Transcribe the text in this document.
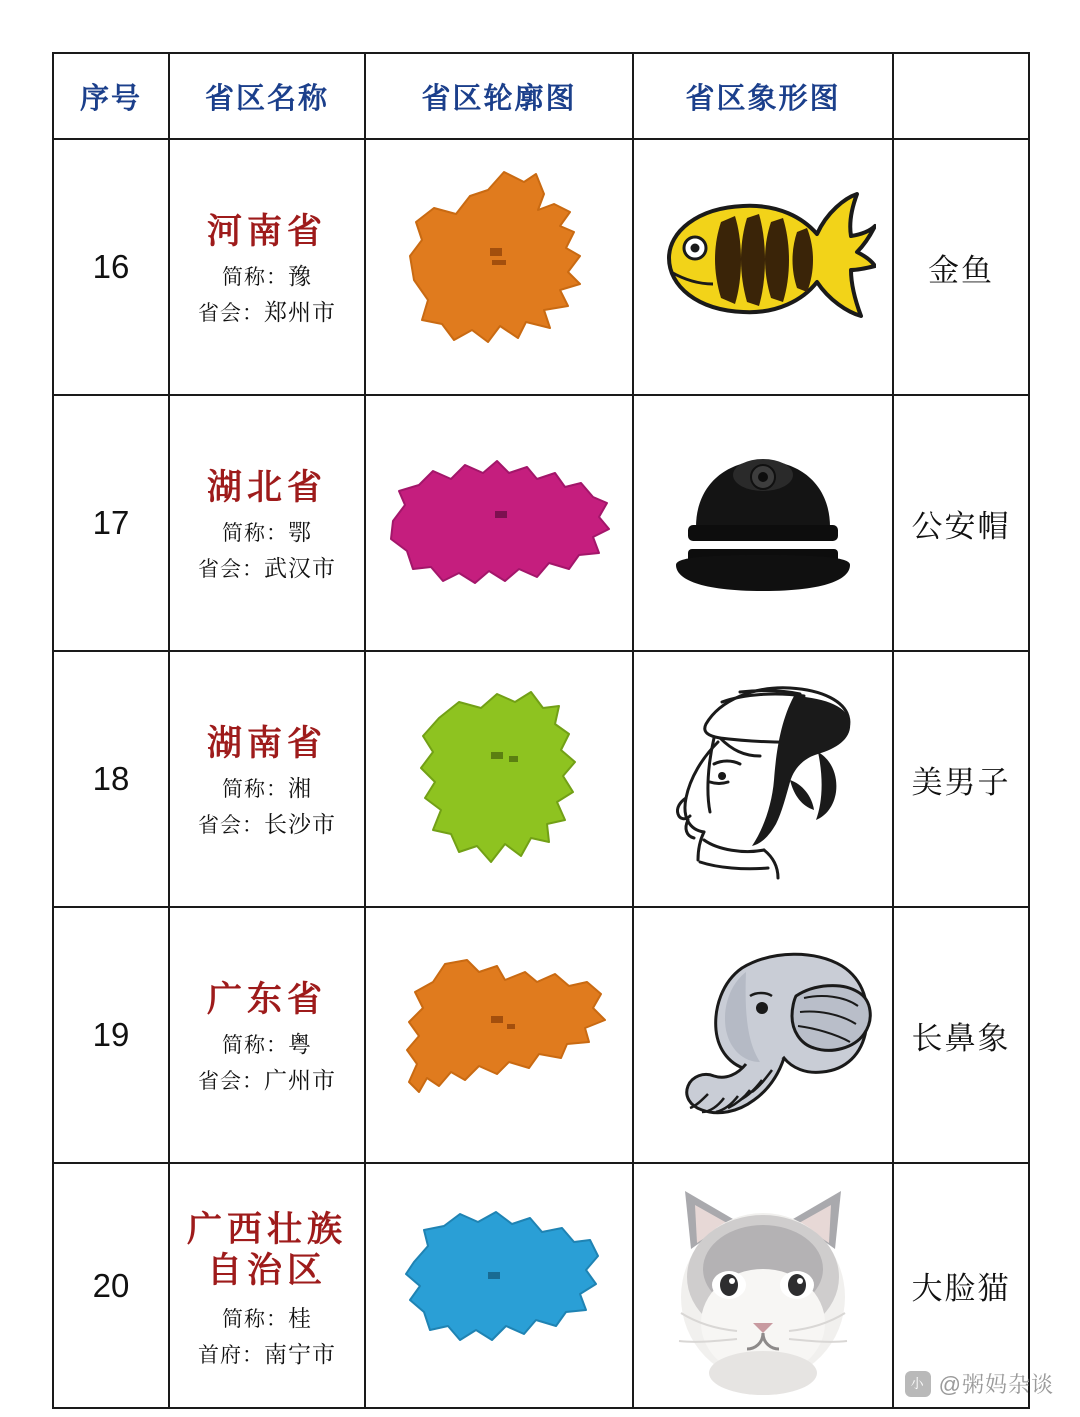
序号	省区名称	省区轮廓图	省区象形图	
16	河南省
简称：豫
省会：郑州市			金鱼
17	湖北省
简称：鄂
省会：武汉市			公安帽
18	湖南省
简称：湘
省会：长沙市			美男子
19	广东省
简称：粤
省会：广州市			长鼻象
20	广西壮族
自治区
简称：桂
首府：南宁市			大脸猫
小 @粥妈杂谈
